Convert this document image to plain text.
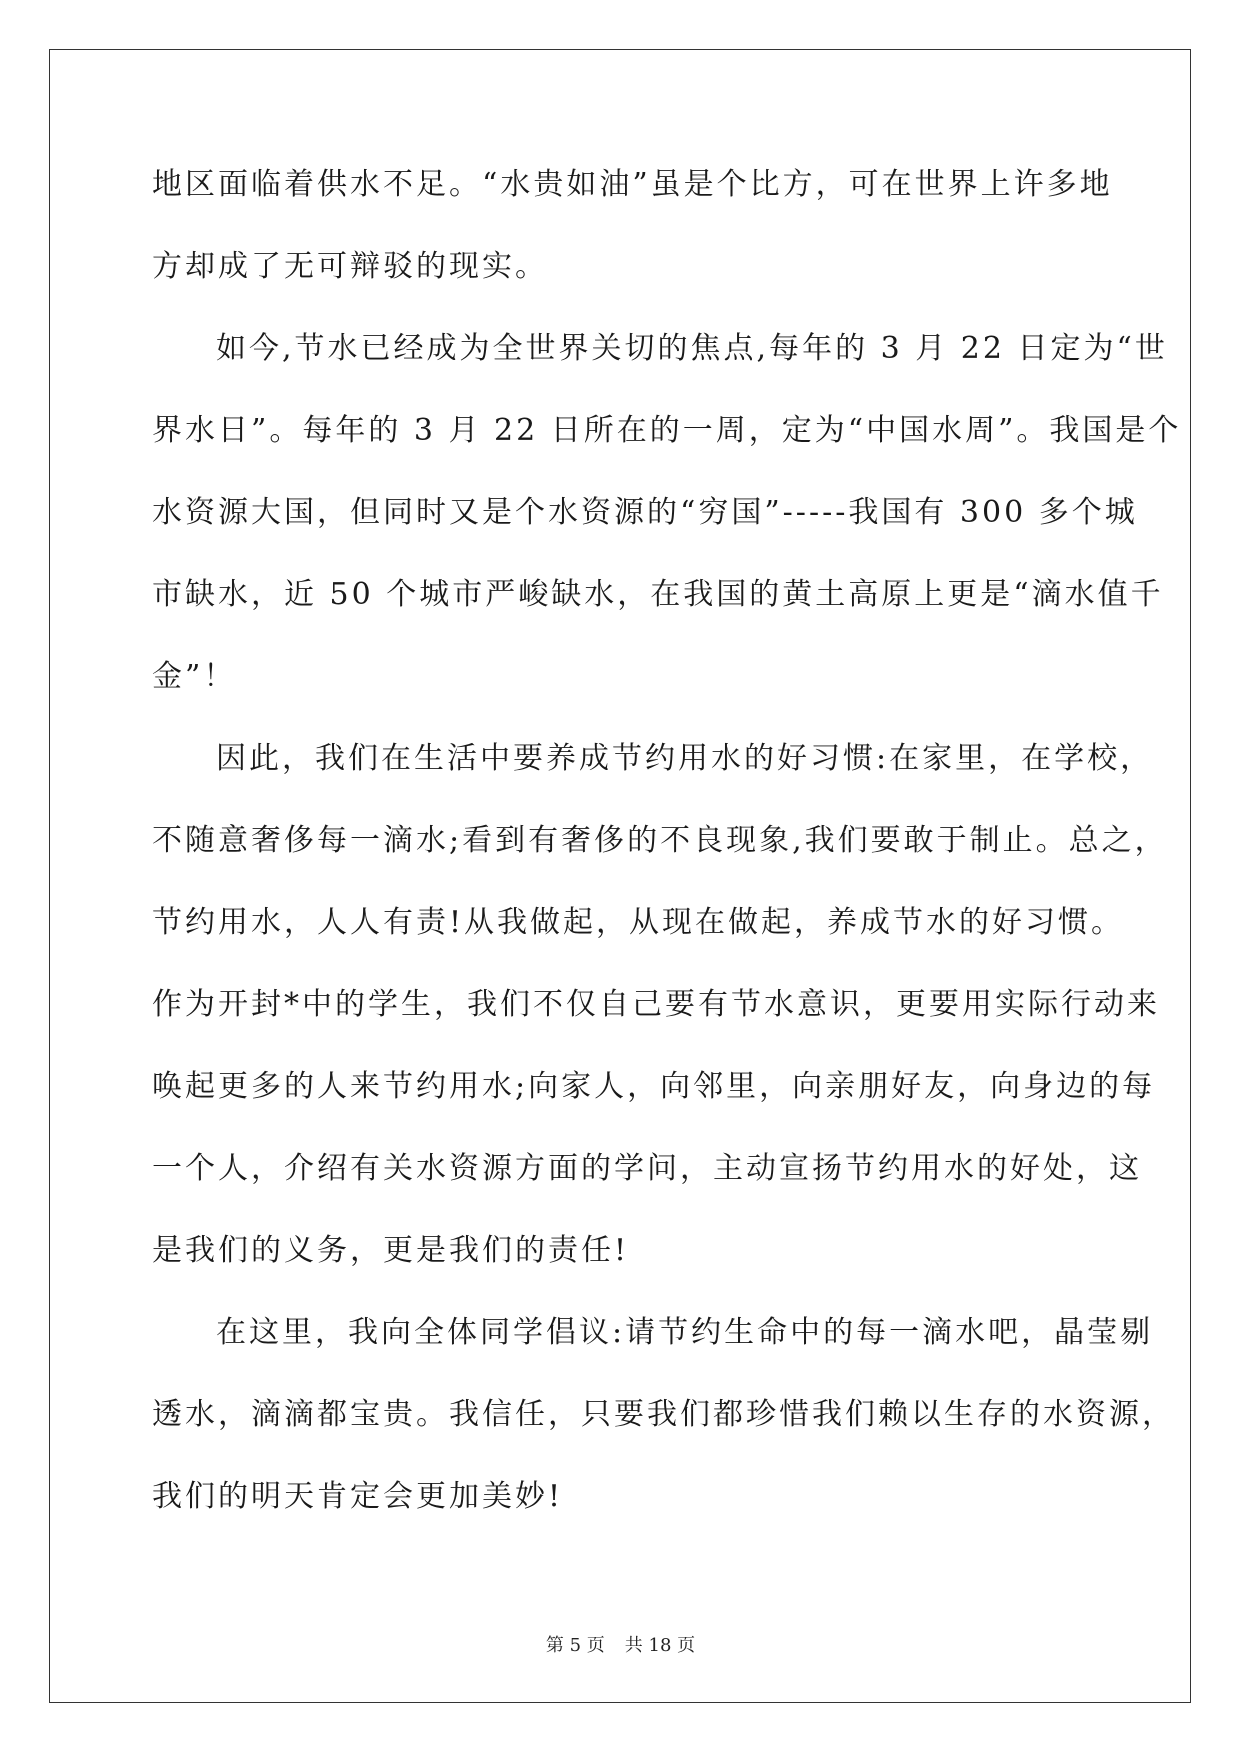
地区面临着供水不足。“水贵如油”虽是个比方，可在世界上许多地
方却成了无可辩驳的现实。
如今,节水已经成为全世界关切的焦点,每年的 3 月 22 日定为“世
界水日”。每年的 3 月 22 日所在的一周，定为“中国水周”。我国是个
水资源大国，但同时又是个水资源的“穷国”-----我国有 300 多个城
市缺水，近 50 个城市严峻缺水，在我国的黄土高原上更是“滴水值千
金”！
因此，我们在生活中要养成节约用水的好习惯:在家里，在学校，
不随意奢侈每一滴水;看到有奢侈的不良现象,我们要敢于制止。总之，
节约用水，人人有责!从我做起，从现在做起，养成节水的好习惯。
作为开封*中的学生，我们不仅自己要有节水意识，更要用实际行动来
唤起更多的人来节约用水;向家人，向邻里，向亲朋好友，向身边的每
一个人，介绍有关水资源方面的学问，主动宣扬节约用水的好处，这
是我们的义务，更是我们的责任!
在这里，我向全体同学倡议:请节约生命中的每一滴水吧，晶莹剔
透水，滴滴都宝贵。我信任，只要我们都珍惜我们赖以生存的水资源，
我们的明天肯定会更加美妙!
第 5 页 共 18 页
